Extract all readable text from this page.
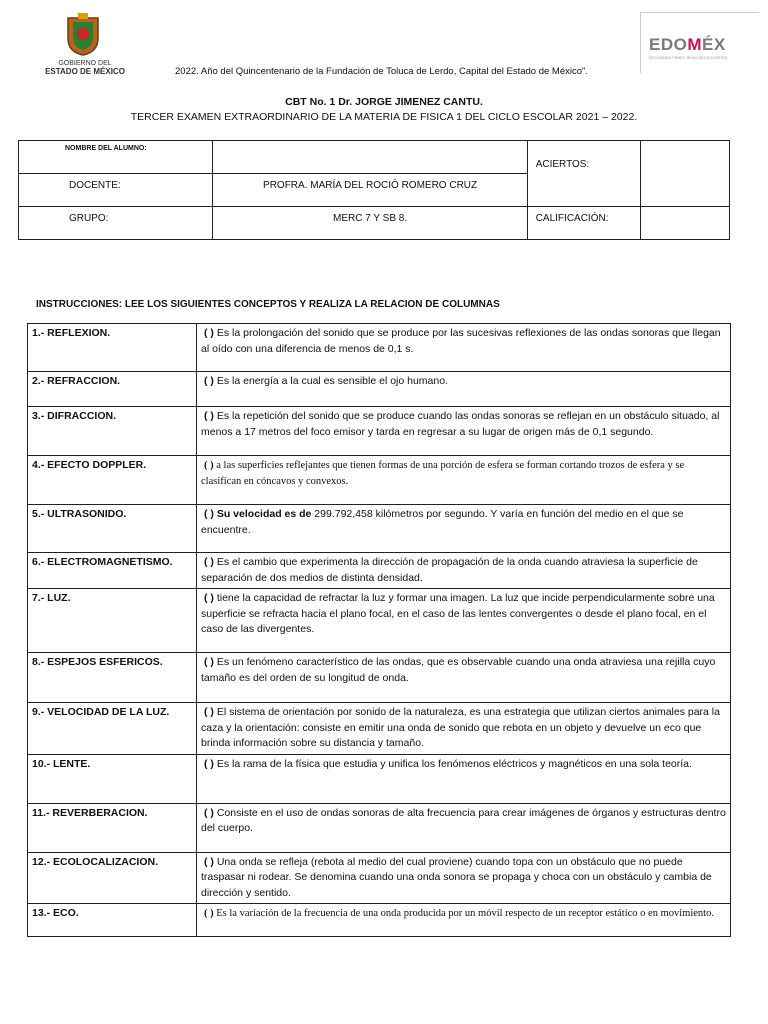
GOBIERNO DEL
ESTADO DE MÉXICO
EDOMÉX
DECISIONES FIRMES, RESULTADOS FUERTES.
2022. Año del Quincentenario de la Fundación de Toluca de Lerdo, Capital del Estado de México".
CBT No. 1 Dr. JORGE JIMENEZ CANTU.
TERCER EXAMEN EXTRAORDINARIO DE LA MATERIA DE FISICA 1 DEL CICLO ESCOLAR 2021 – 2022.
NOMBRE DEL ALUMNO:		ACIERTOS:	
DOCENTE:	PROFRA. MARÍA DEL ROCIÓ ROMERO CRUZ		
GRUPO:	MERC 7 Y SB 8.	CALIFICACIÓN:	
INSTRUCCIONES: LEE LOS SIGUIENTES CONCEPTOS Y REALIZA LA RELACION DE COLUMNAS
1.- REFLEXION.	( ) Es la prolongación del sonido que se produce por las sucesivas reflexiones de las ondas sonoras que llegan al oído con una diferencia de menos de 0,1 s.
2.- REFRACCION.	( ) Es la energía a la cual es sensible el ojo humano.
3.- DIFRACCION.	( ) Es la repetición del sonido que se produce cuando las ondas sonoras se reflejan en un obstáculo situado, al menos a 17 metros del foco emisor y tarda en regresar a su lugar de origen más de 0,1 segundo.
4.- EFECTO DOPPLER.	( ) a las superficies reflejantes que tienen formas de una porción de esfera se forman cortando trozos de esfera y se clasifican en cóncavos y convexos.
5.- ULTRASONIDO.	( ) Su velocidad es de 299.792,458 kilómetros por segundo. Y varía en función del medio en el que se encuentre.
6.- ELECTROMAGNETISMO.	( ) Es el cambio que experimenta la dirección de propagación de la onda cuando atraviesa la superficie de separación de dos medios de distinta densidad.
7.- LUZ.	( ) tiene la capacidad de refractar la luz y formar una imagen. La luz que incide perpendicularmente sobre una superficie se refracta hacia el plano focal, en el caso de las lentes convergentes o desde el plano focal, en el caso de las divergentes.
8.- ESPEJOS ESFERICOS.	( ) Es un fenómeno característico de las ondas, que es observable cuando una onda atraviesa una rejilla cuyo tamaño es del orden de su longitud de onda.
9.- VELOCIDAD DE LA LUZ.	( ) El sistema de orientación por sonido de la naturaleza, es una estrategia que utilizan ciertos animales para la caza y la orientación: consiste en emitir una onda de sonido que rebota en un objeto y devuelve un eco que brinda información sobre su distancia y tamaño.
10.- LENTE.	( ) Es la rama de la física que estudia y unifica los fenómenos eléctricos y magnéticos en una sola teoría.
11.- REVERBERACION.	( ) Consiste en el uso de ondas sonoras de alta frecuencia para crear imágenes de órganos y estructuras dentro del cuerpo.
12.- ECOLOCALIZACION.	( ) Una onda se refleja (rebota al medio del cual proviene) cuando topa con un obstáculo que no puede traspasar ni rodear. Se denomina cuando una onda sonora se propaga y choca con un obstáculo y cambia de dirección y sentido.
13.- ECO.	( ) Es la variación de la frecuencia de una onda producida por un móvil respecto de un receptor estático o en movimiento.
